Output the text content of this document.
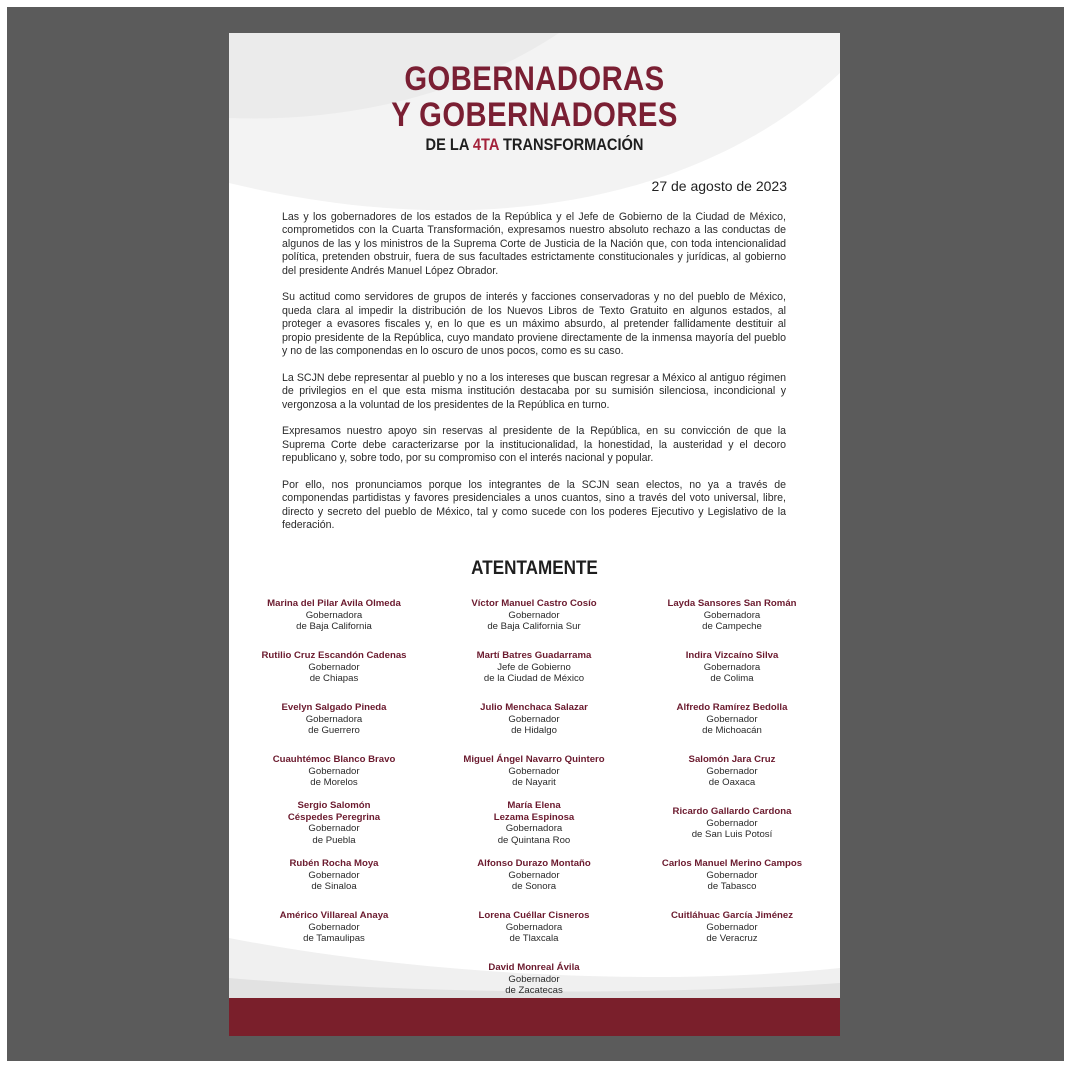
GOBERNADORAS
Y GOBERNADORES
DE LA 4TA TRANSFORMACIÓN
27 de agosto de 2023

Las y los gobernadores de los estados de la República y el Jefe de Gobierno de la Ciudad de México, comprometidos con la Cuarta Transformación, expresamos nuestro absoluto rechazo a las conductas de algunos de las y los ministros de la Suprema Corte de Justicia de la Nación que, con toda intencionalidad política, pretenden obstruir, fuera de sus facultades estrictamente constitucionales y jurídicas, al gobierno del presidente Andrés Manuel López Obrador.

Su actitud como servidores de grupos de interés y facciones conservadoras y no del pueblo de México, queda clara al impedir la distribución de los Nuevos Libros de Texto Gratuito en algunos estados, al proteger a evasores fiscales y, en lo que es un máximo absurdo, al pretender fallidamente destituir al propio presidente de la República, cuyo mandato proviene directamente de la inmensa mayoría del pueblo y no de las componendas en lo oscuro de unos pocos, como es su caso.

La SCJN debe representar al pueblo y no a los intereses que buscan regresar a México al antiguo régimen de privilegios en el que esta misma institución destacaba por su sumisión silenciosa, incondicional y vergonzosa a la voluntad de los presidentes de la República en turno.

Expresamos nuestro apoyo sin reservas al presidente de la República, en su convicción de que la Suprema Corte debe caracterizarse por la institucionalidad, la honestidad, la austeridad y el decoro republicano y, sobre todo, por su compromiso con el interés nacional y popular.

Por ello, nos pronunciamos porque los integrantes de la SCJN sean electos, no ya a través de componendas partidistas y favores presidenciales a unos cuantos, sino a través del voto universal, libre, directo y secreto del pueblo de México, tal y como sucede con los poderes Ejecutivo y Legislativo de la federación.

ATENTAMENTE
Marina del Pilar Avila Olmeda
Gobernadora
de Baja California
Víctor Manuel Castro Cosío
Gobernador
de Baja California Sur
Layda Sansores San Román
Gobernadora
de Campeche
Rutilio Cruz Escandón Cadenas
Gobernador
de Chiapas
Martí Batres Guadarrama
Jefe de Gobierno
de la Ciudad de México
Indira Vizcaíno Silva
Gobernadora
de Colima
Evelyn Salgado Pineda
Gobernadora
de Guerrero
Julio Menchaca Salazar
Gobernador
de Hidalgo
Alfredo Ramírez Bedolla
Gobernador
de Michoacán
Cuauhtémoc Blanco Bravo
Gobernador
de Morelos
Miguel Ángel Navarro Quintero
Gobernador
de Nayarit
Salomón Jara Cruz
Gobernador
de Oaxaca
Sergio Salomón
Céspedes Peregrina
Gobernador
de Puebla
María Elena
Lezama Espinosa
Gobernadora
de Quintana Roo
Ricardo Gallardo Cardona
Gobernador
de San Luis Potosí
Rubén Rocha Moya
Gobernador
de Sinaloa
Alfonso Durazo Montaño
Gobernador
de Sonora
Carlos Manuel Merino Campos
Gobernador
de Tabasco
Américo Villareal Anaya
Gobernador
de Tamaulipas
Lorena Cuéllar Cisneros
Gobernadora
de Tlaxcala
Cuitláhuac García Jiménez
Gobernador
de Veracruz
David Monreal Ávila
Gobernador
de Zacatecas
